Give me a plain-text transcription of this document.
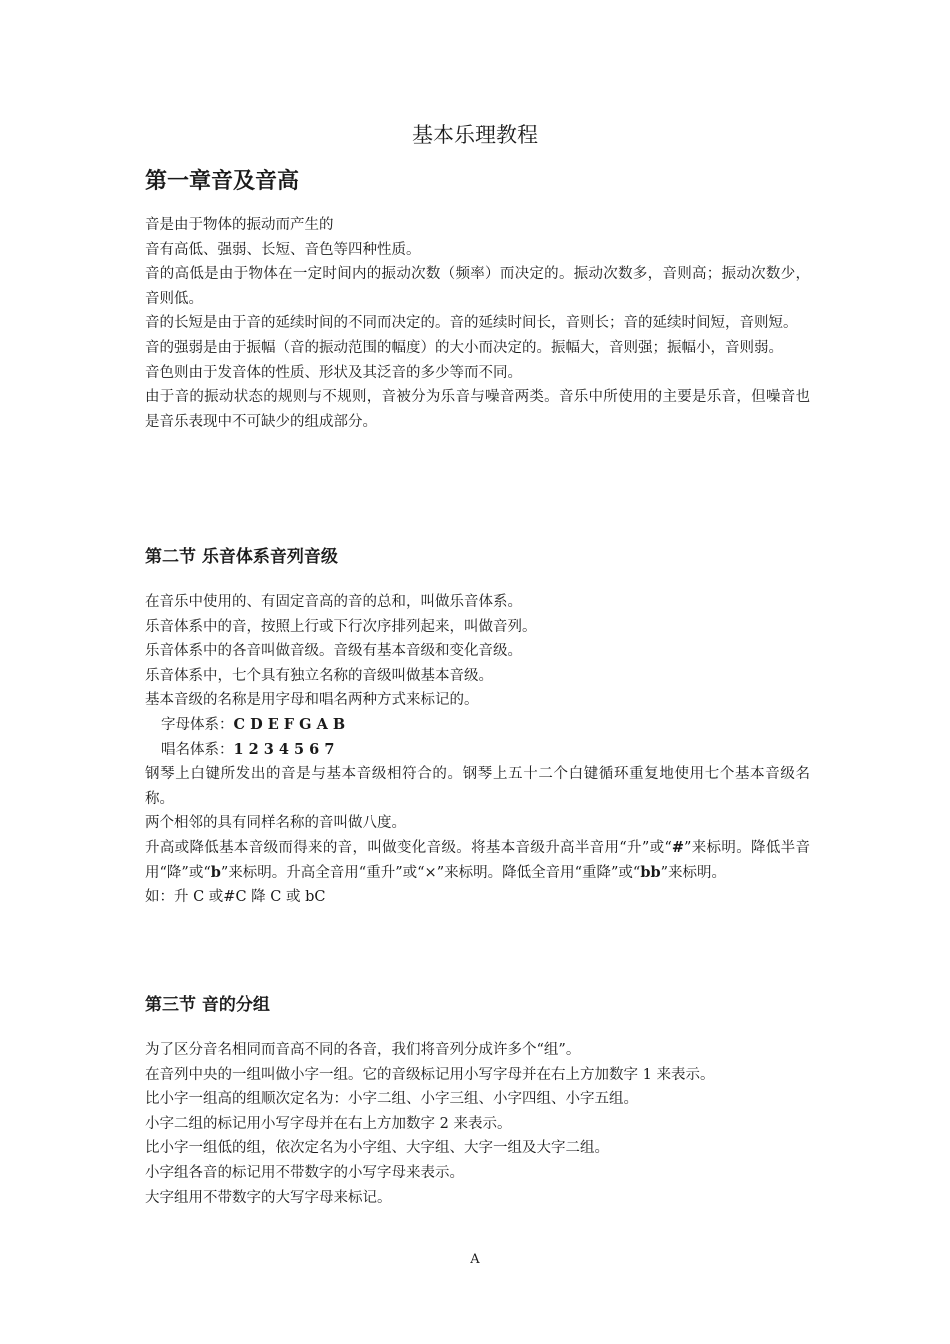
基本乐理教程
第一章音及音高

音是由于物体的振动而产生的

音有高低、强弱、长短、音色等四种性质。

音的高低是由于物体在一定时间内的振动次数（频率）而决定的。振动次数多，音则高；振动次数少，音则低。

音的长短是由于音的延续时间的不同而决定的。音的延续时间长，音则长；音的延续时间短，音则短。

音的强弱是由于振幅（音的振动范围的幅度）的大小而决定的。振幅大，音则强；振幅小，音则弱。

音色则由于发音体的性质、形状及其泛音的多少等而不同。

由于音的振动状态的规则与不规则，音被分为乐音与噪音两类。音乐中所使用的主要是乐音，但噪音也是音乐表现中不可缺少的组成部分。

第二节 乐音体系音列音级

在音乐中使用的、有固定音高的音的总和，叫做乐音体系。

乐音体系中的音，按照上行或下行次序排列起来，叫做音列。

乐音体系中的各音叫做音级。音级有基本音级和变化音级。

乐音体系中，七个具有独立名称的音级叫做基本音级。

基本音级的名称是用字母和唱名两种方式来标记的。

字母体系：C D E F G A B

唱名体系：1 2 3 4 5 6 7

钢琴上白键所发出的音是与基本音级相符合的。钢琴上五十二个白键循环重复地使用七个基本音级名称。

两个相邻的具有同样名称的音叫做八度。

升高或降低基本音级而得来的音，叫做变化音级。将基本音级升高半音用“升”或“#”来标明。降低半音用“降”或“b”来标明。升高全音用“重升”或“×”来标明。降低全音用“重降”或“bb”来标明。

如：升 C 或#C 降 C 或 bC

第三节 音的分组

为了区分音名相同而音高不同的各音，我们将音列分成许多个“组”。

在音列中央的一组叫做小字一组。它的音级标记用小写字母并在右上方加数字 1 来表示。

比小字一组高的组顺次定名为：小字二组、小字三组、小字四组、小字五组。

小字二组的标记用小写字母并在右上方加数字 2 来表示。

比小字一组低的组，依次定名为小字组、大字组、大字一组及大字二组。

小字组各音的标记用不带数字的小写字母来表示。

大字组用不带数字的大写字母来标记。

A
